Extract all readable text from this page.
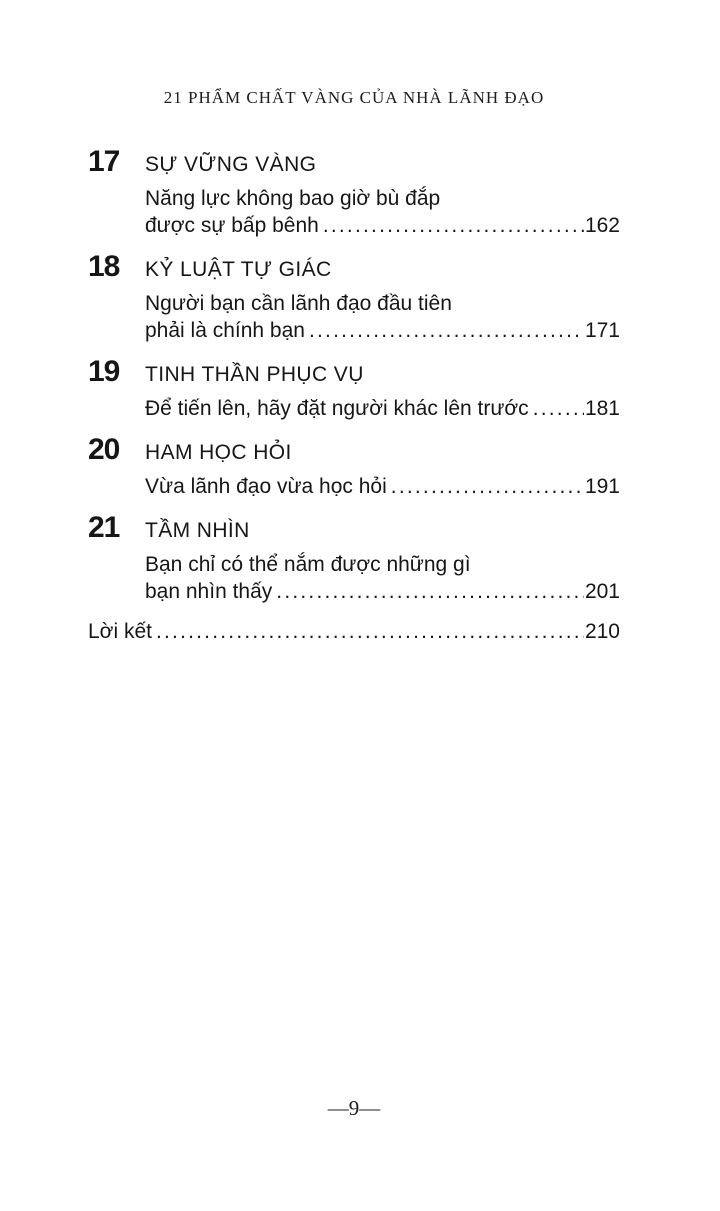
21 PHẨM CHẤT VÀNG CỦA NHÀ LÃNH ĐẠO
17	SỰ VỮNG VÀNG
Năng lực không bao giờ bù đắp
được sự bấp bênh .....	162
18	KỶ LUẬT TỰ GIÁC
Người bạn cần lãnh đạo đầu tiên
phải là chính bạn .....	171
19	TINH THẦN PHỤC VỤ
Để tiến lên, hãy đặt người khác lên trước .....	181
20	HAM HỌC HỎI
Vừa lãnh đạo vừa học hỏi .....	191
21	TẦM NHÌN
Bạn chỉ có thể nắm được những gì
bạn nhìn thấy .....	201
Lời kết .....	210
—9—
